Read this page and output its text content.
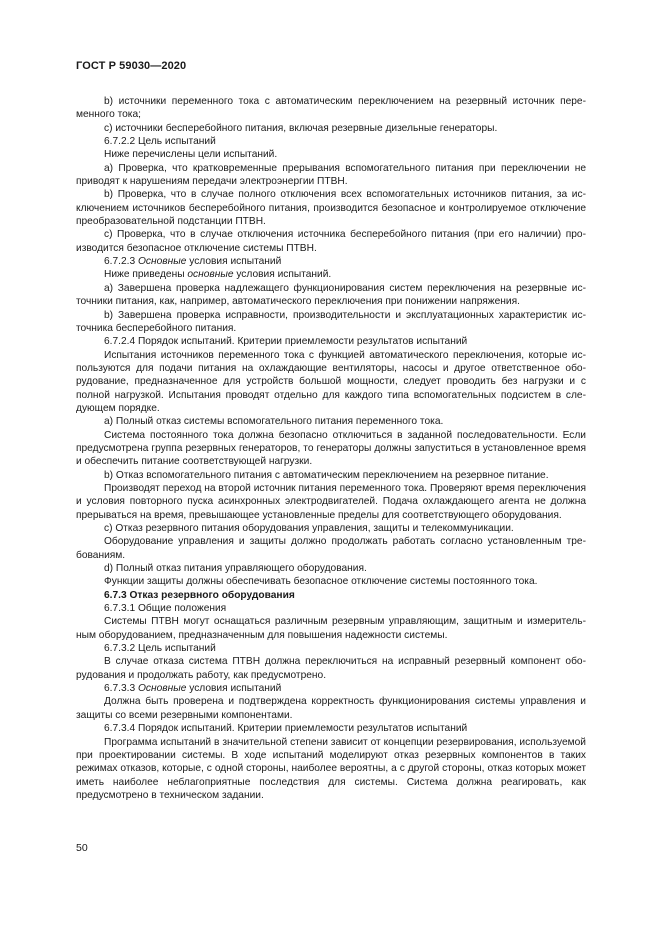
ГОСТ Р 59030—2020

b) источники переменного тока с автоматическим переключением на резервный источник переменного тока;

с) источники бесперебойного питания, включая резервные дизельные генераторы.

6.7.2.2 Цель испытаний

Ниже перечислены цели испытаний.

а) Проверка, что кратковременные прерывания вспомогательного питания при переключении не приводят к нарушениям передачи электроэнергии ПТВН.

b) Проверка, что в случае полного отключения всех вспомогательных источников питания, за исключением источников бесперебойного питания, производится безопасное и контролируемое отключение преобразовательной подстанции ПТВН.

с) Проверка, что в случае отключения источника бесперебойного питания (при его наличии) производится безопасное отключение системы ПТВН.

6.7.2.3 Основные условия испытаний

Ниже приведены основные условия испытаний.

а) Завершена проверка надлежащего функционирования систем переключения на резервные источники питания, как, например, автоматического переключения при понижении напряжения.

b) Завершена проверка исправности, производительности и эксплуатационных характеристик источника бесперебойного питания.

6.7.2.4 Порядок испытаний. Критерии приемлемости результатов испытаний

Испытания источников переменного тока с функцией автоматического переключения, которые используются для подачи питания на охлаждающие вентиляторы, насосы и другое ответственное оборудование, предназначенное для устройств большой мощности, следует проводить без нагрузки и с полной нагрузкой. Испытания проводят отдельно для каждого типа вспомогательных подсистем в следующем порядке.

а) Полный отказ системы вспомогательного питания переменного тока.

Система постоянного тока должна безопасно отключиться в заданной последовательности. Если предусмотрена группа резервных генераторов, то генераторы должны запуститься в установленное время и обеспечить питание соответствующей нагрузки.

b) Отказ вспомогательного питания с автоматическим переключением на резервное питание.

Производят переход на второй источник питания переменного тока. Проверяют время переключения и условия повторного пуска асинхронных электродвигателей. Подача охлаждающего агента не должна прерываться на время, превышающее установленные пределы для соответствующего оборудования.

с) Отказ резервного питания оборудования управления, защиты и телекоммуникации.

Оборудование управления и защиты должно продолжать работать согласно установленным требованиям.

d) Полный отказ питания управляющего оборудования.

Функции защиты должны обеспечивать безопасное отключение системы постоянного тока.

6.7.3 Отказ резервного оборудования

6.7.3.1 Общие положения

Системы ПТВН могут оснащаться различным резервным управляющим, защитным и измерительным оборудованием, предназначенным для повышения надежности системы.

6.7.3.2 Цель испытаний

В случае отказа система ПТВН должна переключиться на исправный резервный компонент оборудования и продолжать работу, как предусмотрено.

6.7.3.3 Основные условия испытаний

Должна быть проверена и подтверждена корректность функционирования системы управления и защиты со всеми резервными компонентами.

6.7.3.4 Порядок испытаний. Критерии приемлемости результатов испытаний

Программа испытаний в значительной степени зависит от концепции резервирования, используемой при проектировании системы. В ходе испытаний моделируют отказ резервных компонентов в таких режимах отказов, которые, с одной стороны, наиболее вероятны, а с другой стороны, отказ которых может иметь наиболее неблагоприятные последствия для системы. Система должна реагировать, как предусмотрено в техническом задании.

50
